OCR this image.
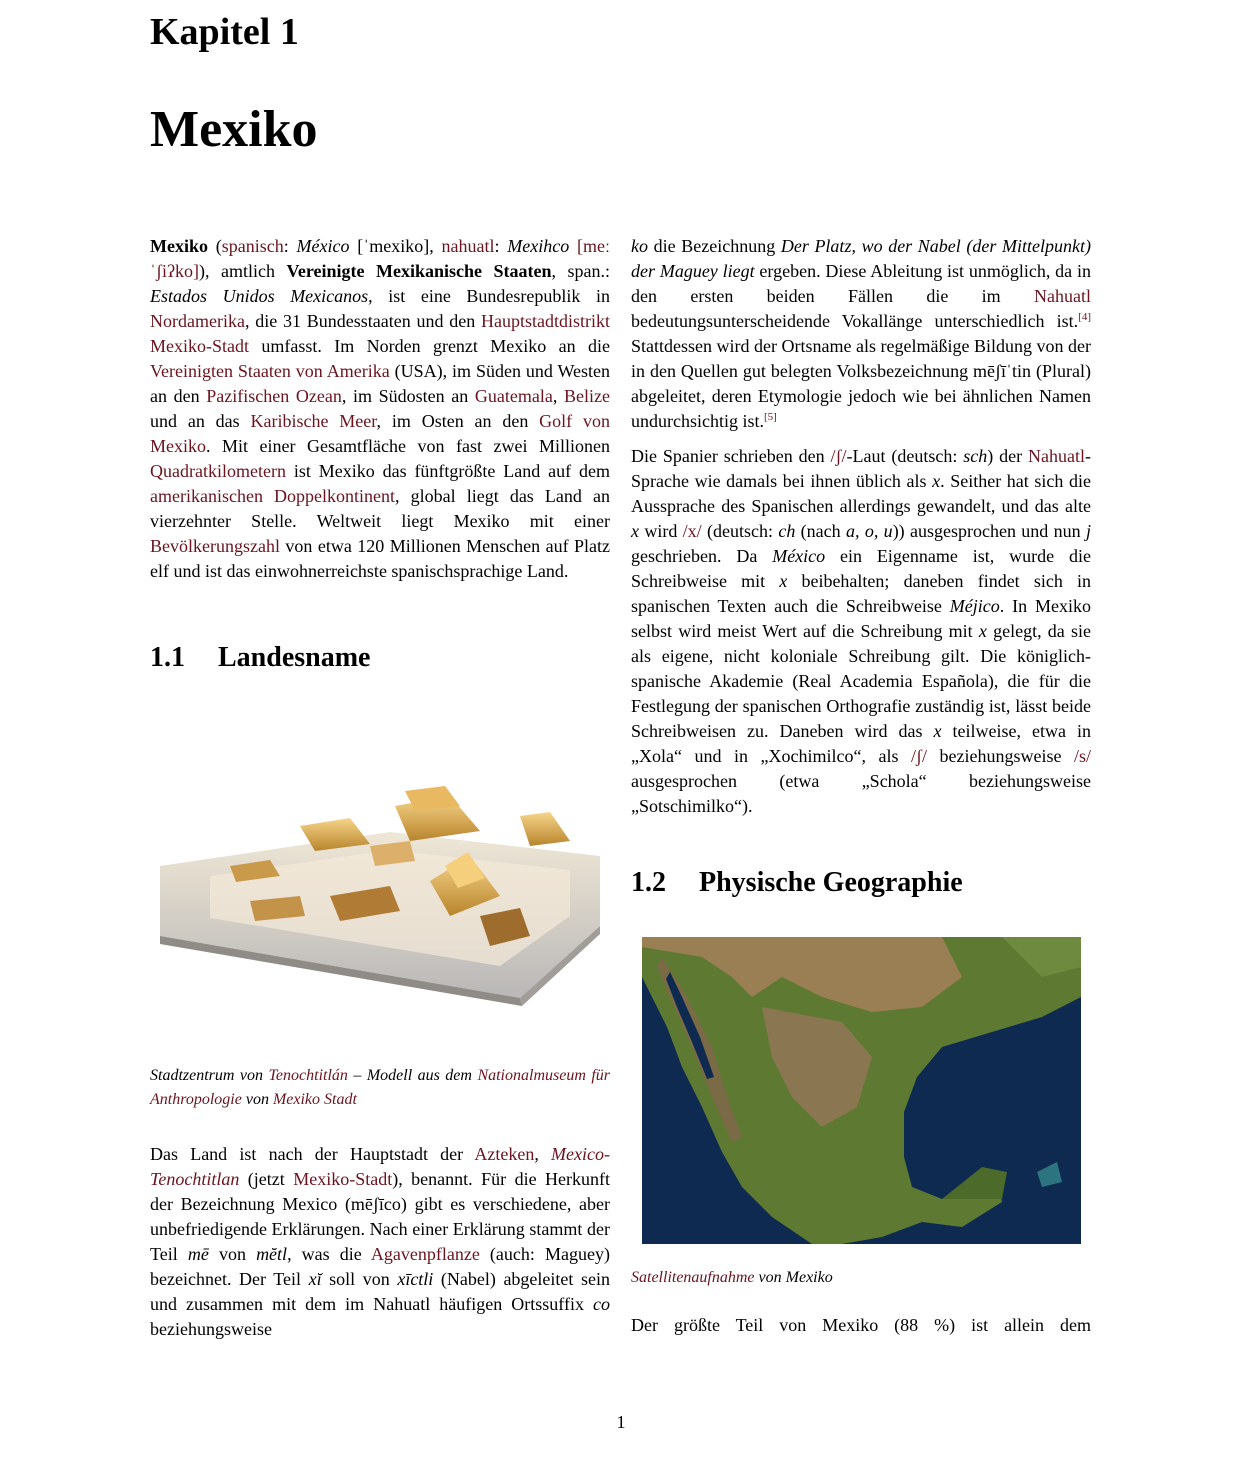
Kapitel 1
Mexiko

Mexiko (spanisch: México [ˈmexiko], nahuatl: Mexihco [meːˈʃiʔko]), amtlich Vereinigte Mexikanische Staaten, span.: Estados Unidos Mexicanos, ist eine Bundesrepublik in Nordamerika, die 31 Bundesstaaten und den Hauptstadtdistrikt Mexiko-Stadt umfasst. Im Norden grenzt Mexiko an die Vereinigten Staaten von Amerika (USA), im Süden und Westen an den Pazifischen Ozean, im Südosten an Guatemala, Belize und an das Karibische Meer, im Osten an den Golf von Mexiko. Mit einer Gesamtfläche von fast zwei Millionen Quadratkilometern ist Mexiko das fünftgrößte Land auf dem amerikanischen Doppelkontinent, global liegt das Land an vierzehnter Stelle. Weltweit liegt Mexiko mit einer Bevölkerungszahl von etwa 120 Millionen Menschen auf Platz elf und ist das einwohnerreichste spanischsprachige Land.

1.1 Landesname

Stadtzentrum von Tenochtitlán – Modell aus dem Nationalmuseum für Anthropologie von Mexiko Stadt

Das Land ist nach der Hauptstadt der Azteken, Mexico-Tenochtitlan (jetzt Mexiko-Stadt), benannt. Für die Herkunft der Bezeichnung Mexico (mēʃīco) gibt es verschiedene, aber unbefriedigende Erklärungen. Nach einer Erklärung stammt der Teil mē von mĕtl, was die Agavenpflanze (auch: Maguey) bezeichnet. Der Teil xĭ soll von xīctli (Nabel) abgeleitet sein und zusammen mit dem im Nahuatl häufigen Ortssuffix co beziehungsweise

ko die Bezeichnung Der Platz, wo der Nabel (der Mittelpunkt) der Maguey liegt ergeben. Diese Ableitung ist unmöglich, da in den ersten beiden Fällen die im Nahuatl bedeutungsunterscheidende Vokallänge unterschiedlich ist.[4] Stattdessen wird der Ortsname als regelmäßige Bildung von der in den Quellen gut belegten Volksbezeichnung mēʃīˈtin (Plural) abgeleitet, deren Etymologie jedoch wie bei ähnlichen Namen undurchsichtig ist.[5]

Die Spanier schrieben den /ʃ/-Laut (deutsch: sch) der Nahuatl-Sprache wie damals bei ihnen üblich als x. Seither hat sich die Aussprache des Spanischen allerdings gewandelt, und das alte x wird /x/ (deutsch: ch (nach a, o, u)) ausgesprochen und nun j geschrieben. Da México ein Eigenname ist, wurde die Schreibweise mit x beibehalten; daneben findet sich in spanischen Texten auch die Schreibweise Méjico. In Mexiko selbst wird meist Wert auf die Schreibung mit x gelegt, da sie als eigene, nicht koloniale Schreibung gilt. Die königlich-spanische Akademie (Real Academia Española), die für die Festlegung der spanischen Orthografie zuständig ist, lässt beide Schreibweisen zu. Daneben wird das x teilweise, etwa in „Xola“ und in „Xochimilco“, als /ʃ/ beziehungsweise /s/ ausgesprochen (etwa „Schola“ beziehungsweise „Sotschimilko“).

1.2 Physische Geographie

Satellitenaufnahme von Mexiko

Der größte Teil von Mexiko (88 %) ist allein dem

1
